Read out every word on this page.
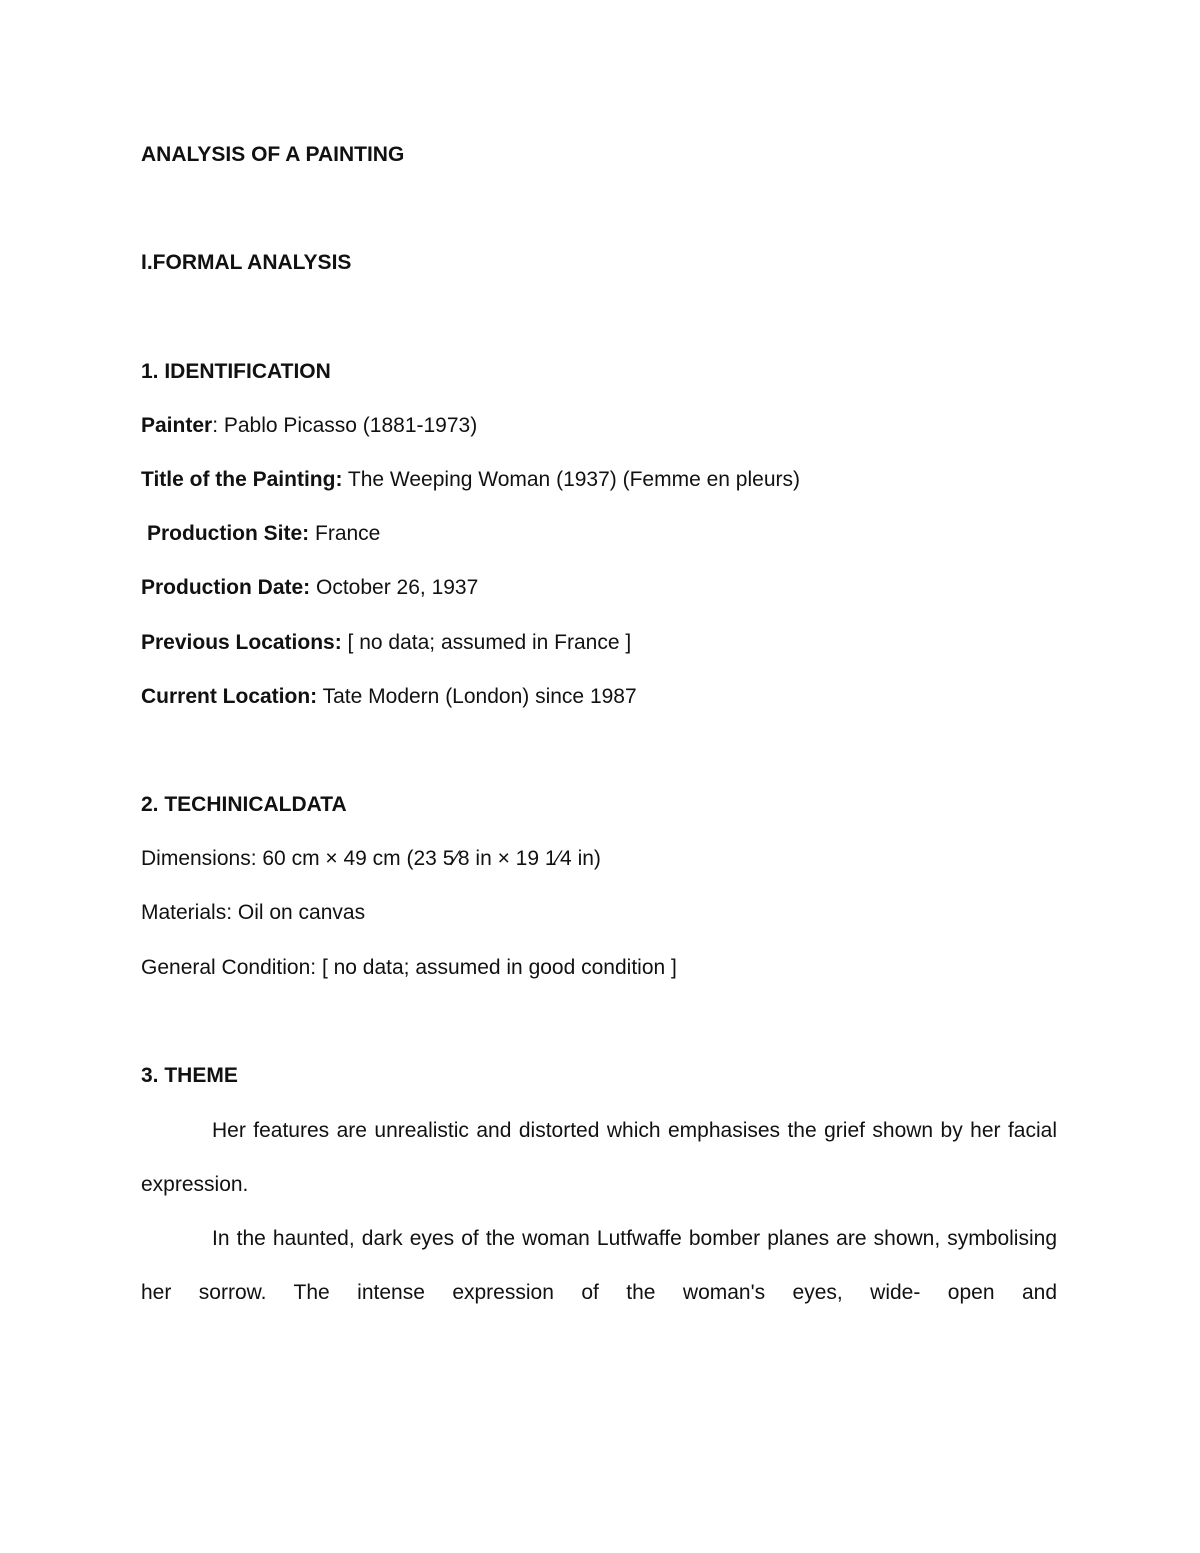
ANALYSIS OF A PAINTING
I.FORMAL ANALYSIS
1. IDENTIFICATION
Painter: Pablo Picasso (1881-1973)
Title of the Painting: The Weeping Woman (1937) (Femme en pleurs)
Production Site: France
Production Date: October 26, 1937
Previous Locations: [ no data; assumed in France ]
Current Location: Tate Modern (London) since 1987
2. TECHINICALDATA
Dimensions: 60 cm × 49 cm (23 5⁄8 in × 19 1⁄4 in)
Materials: Oil on canvas
General Condition: [ no data; assumed in good condition ]
3. THEME
Her features are unrealistic and distorted which emphasises the grief shown by her facial expression.
In the haunted, dark eyes of the woman Lutfwaffe bomber planes are shown, symbolising her sorrow. The intense expression of the woman's eyes, wide- open and
